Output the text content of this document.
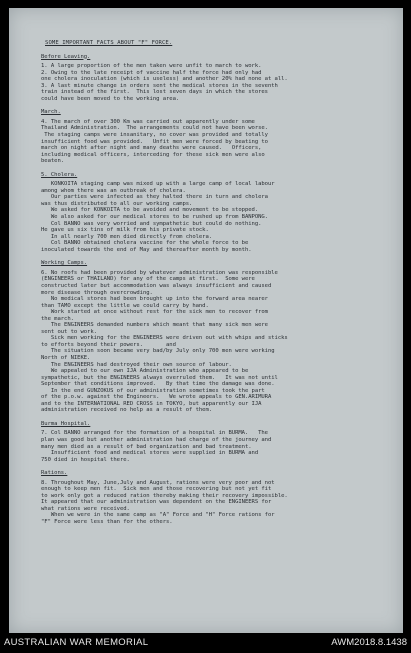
SOME IMPORTANT FACTS ABOUT "F" FORCE.
Before Leaving.
1. A large proportion of the men taken were unfit to march to work.
2. Owing to the late receipt of vaccine half the force had only had
one cholera inoculation (which is useless) and another 20% had none at all.
3. A last minute change in orders sent the medical stores in the seventh
train instead of the first.  This lost seven days in which the stores
could have been moved to the working area.
March.
4. The march of over 300 Km was carried out apparently under some
Thailand Administration.  The arrangements could not have been worse.
The staging camps were insanitary, no cover was provided and totally
insufficient food was provided.   Unfit men were forced by beating to
march on night after night and many deaths were caused.   Officers,
including medical officers, interceding for these sick men were also
beaten.
5. Cholera.
KONKOITA staging camp was mixed up with a large camp of local labour
among whom there was an outbreak of cholera.
Our parties were infected as they halted there in turn and cholera
was thus distributed to all our working camps.
We asked for KONKOITA to be avoided and movement to be stopped.
We also asked for our medical stores to be rushed up from BANPONG.
Col BANNO was very worried and sympathetic but could do nothing.
He gave us six tins of milk from his private stock.
In all nearly 700 men died directly from cholera.
Col BANNO obtained cholera vaccine for the whole force to be
inoculated towards the end of May and thereafter month by month.
Working Camps.
6. No roofs had been provided by whatever administration was responsible
(ENGINEERS or THAILAND) for any of the camps at first.  Some were
constructed later but accommodation was always insufficient and caused
more disease through overcrowding.
No medical stores had been brought up into the forward area nearer
than TAMO except the little we could carry by hand.
Work started at once without rest for the sick men to recover from
the march.
The ENGINEERS demanded numbers which meant that many sick men were
sent out to work.
Sick men working for the ENGINEERS were driven out with whips and sticks
to efforts beyond their powers.       and
The situation soon became very bad/by July only 700 men were working
North of NIEKE.
The ENGINEERS had destroyed their own source of labour.
We appealed to our own IJA Administration who appeared to be
sympathetic, but the ENGINEERS always overruled them.   It was not until
September that conditions improved.   By that time the damage was done.
In the end GUNZOKUS of our administration sometimes took the part
of the p.o.w. against the Engineers.   We wrote appeals to GEN.ARIMURA
and to the INTERNATIONAL RED CROSS in TOKYO, but apparently our IJA
administration received no help as a result of them.
Burma Hospital.
7. Col BANNO arranged for the formation of a hospital in BURMA.   The
plan was good but another administration had charge of the journey and
many men died as a result of bad organization and bad treatment.
Insufficient food and medical stores were supplied in BURMA and
750 died in hospital there.
Rations.
8. Throughout May, June,July and August, rations were very poor and not
enough to keep men fit.  Sick men and those recovering but not yet fit
to work only got a reduced ration thereby making their recovery impossible.
It appeared that our administration was dependent on the ENGINEERS for
what rations were received.
When we were in the same camp as "A" Force and "H" Force rations for
"F" Force were less than for the others.
AUSTRALIAN WAR MEMORIAL	AWM2018.8.1438
